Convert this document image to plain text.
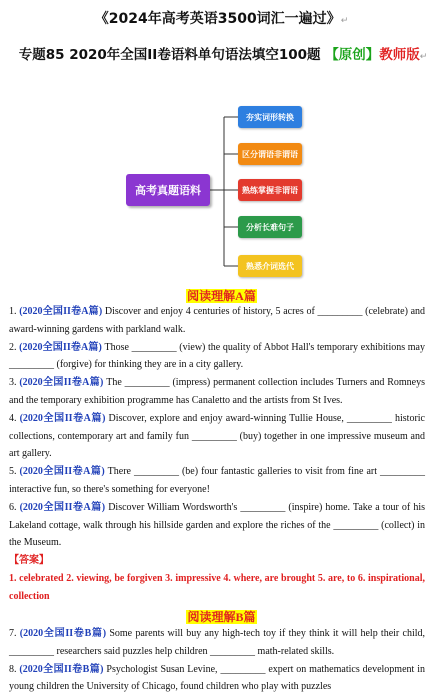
《2024年高考英语3500词汇一遍过》↵
专题85 2020年全国II卷语料单句语法填空100题 【原创】教师版↵
高考真题语料
夯实词形转换
区分谓语非谓语
熟练掌握非谓语
分析长难句子
熟悉介词选代
阅读理解A篇

1. (2020全国II卷A篇) Discover and enjoy 4 centuries of history, 5 acres of _________ (celebrate) and award-winning gardens with parkland walk.

2. (2020全国II卷A篇) Those _________ (view) the quality of Abbot Hall's temporary exhibitions may _________ (forgive) for thinking they are in a city gallery.

3. (2020全国II卷A篇) The _________ (impress) permanent collection includes Turners and Romneys and the temporary exhibition programme has Canaletto and the artists from St Ives.

4. (2020全国II卷A篇) Discover, explore and enjoy award-winning Tullie House, _________ historic collections, contemporary art and family fun _________ (buy) together in one impressive museum and art gallery.

5. (2020全国II卷A篇) There _________ (be) four fantastic galleries to visit from fine art _________ interactive fun, so there's something for everyone!

6. (2020全国II卷A篇) Discover William Wordsworth's _________ (inspire) home. Take a tour of his Lakeland cottage, walk through his hillside garden and explore the riches of the _________ (collect) in the Museum.

【答案】

1. celebrated 2. viewing, be forgiven 3. impressive 4. where, are brought 5. are, to 6. inspirational, collection

阅读理解B篇

7. (2020全国II卷B篇) Some parents will buy any high-tech toy if they think it will help their child, _________ researchers said puzzles help children _________ math-related skills.

8. (2020全国II卷B篇) Psychologist Susan Levine, _________ expert on mathematics development in young children the University of Chicago, found children who play with puzzles
